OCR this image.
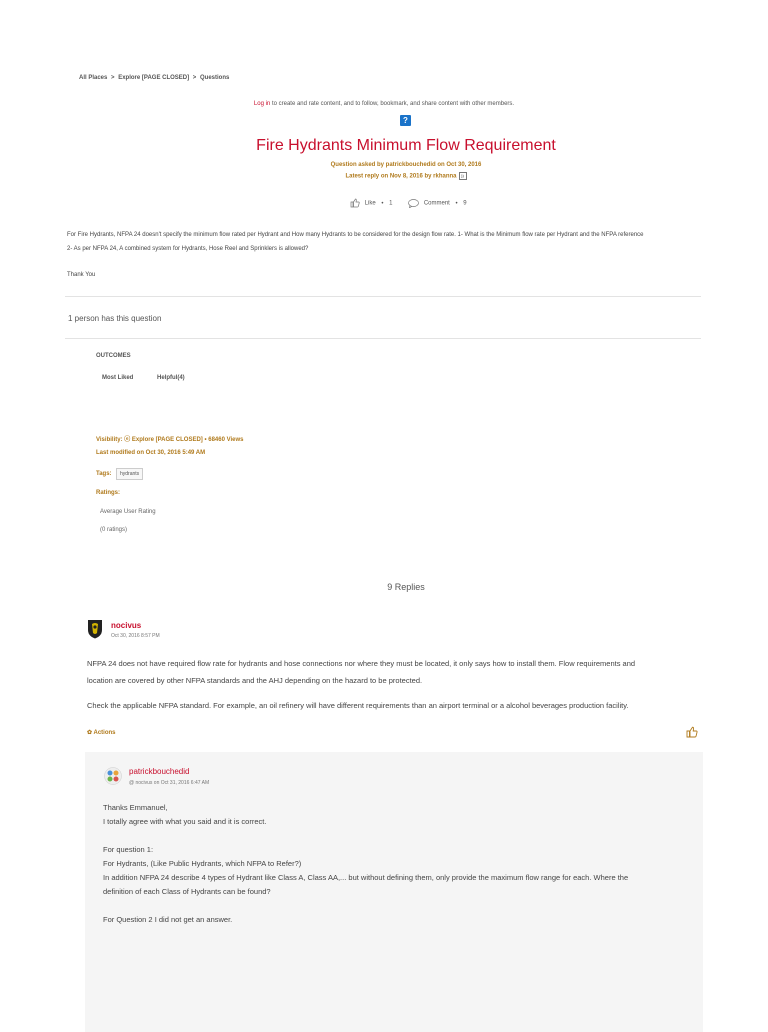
All Places > Explore [PAGE CLOSED] > Questions
Log in to create and rate content, and to follow, bookmark, and share content with other members.
?
Fire Hydrants Minimum Flow Requirement
Question asked by patrickbouchedid on Oct 30, 2016
Latest reply on Nov 8, 2016 by rkhanna ))
Like • 1	Comment • 9
For Fire Hydrants, NFPA 24 doesn't specify the minimum flow rated per Hydrant and How many Hydrants to be considered for the design flow rate. 1- What is the Minimum flow rate per Hydrant and the NFPA reference
2- As per NFPA 24, A combined system for Hydrants, Hose Reel and Sprinklers is allowed?
Thank You
1 person has this question
OUTCOMES
Most Liked	Helpful(4)
Visibility: ⓔ Explore [PAGE CLOSED] • 68460 Views
Last modified on Oct 30, 2016 5:49 AM
Tags:	hydrants
Ratings:
Average User Rating
(0 ratings)
9 Replies
nocivus
Oct 30, 2016 8:57 PM
NFPA 24 does not have required flow rate for hydrants and hose connections nor where they must be located, it only says how to install them. Flow requirements and
location are covered by other NFPA standards and the AHJ depending on the hazard to be protected.
Check the applicable NFPA standard. For example, an oil refinery will have different requirements than an airport terminal or a alcohol beverages production facility.
✿ Actions
patrickbouchedid
@ nocivus on Oct 31, 2016 6:47 AM

Thanks Emmanuel,

I totally agree with what you said and it is correct.

For question 1:

For Hydrants, (Like Public Hydrants, which NFPA to Refer?)

In addition NFPA 24 describe 4 types of Hydrant like Class A, Class AA,... but without defining them, only provide the maximum flow range for each. Where the

definition of each Class of Hydrants can be found?

For Question 2 I did not get an answer.
